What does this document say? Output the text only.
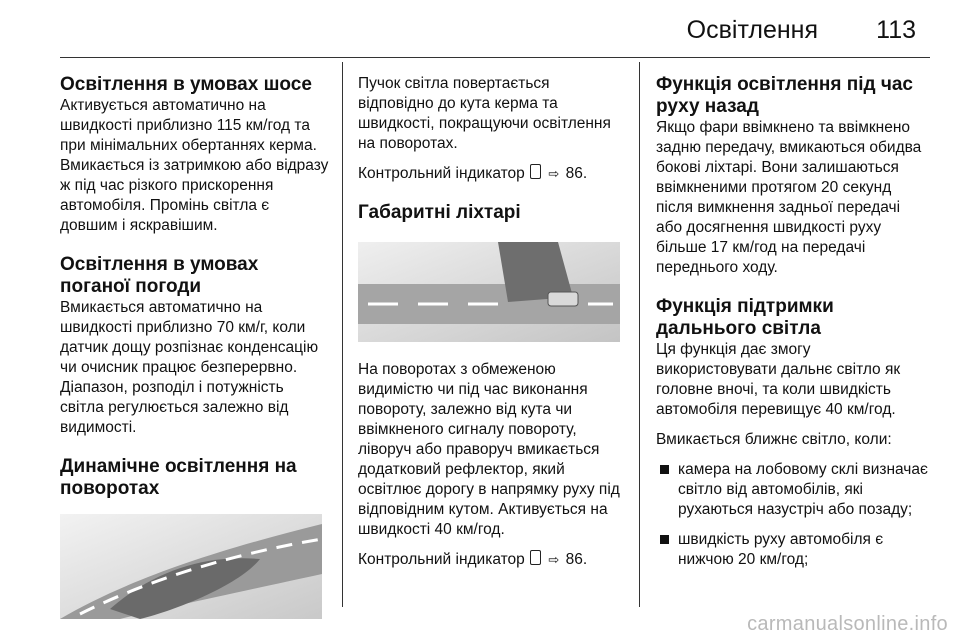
Освітлення 113
Освітлення в умовах шосе

Активується автоматично на швидкості приблизно 115 км/год та при мінімальних обертаннях керма. Вмикається із затримкою або відразу ж під час різкого прискорення автомобіля. Промінь світла є довшим і яскравішим.

Освітлення в умовах поганої погоди

Вмикається автоматично на швидкості приблизно 70 км/г, коли датчик дощу розпізнає конденсацію чи очисник працює безперервно. Діапазон, розподіл і потужність світла регулюється залежно від видимості.

Динамічне освітлення на поворотах

Пучок світла повертається відповідно до кута керма та швидкості, покращуючи освітлення на поворотах.

Контрольний індикатор ⇨ 86.

Габаритні ліхтарі

На поворотах з обмеженою видимістю чи під час виконання повороту, залежно від кута чи ввімкненого сигналу повороту, ліворуч або праворуч вмикається додатковий рефлектор, який освітлює дорогу в напрямку руху під відповідним кутом. Активується на швидкості 40 км/год.

Контрольний індикатор ⇨ 86.

Функція освітлення під час руху назад

Якщо фари ввімкнено та ввімкнено задню передачу, вмикаються обидва бокові ліхтарі. Вони залишаються ввімкненими протягом 20 секунд після вимкнення задньої передачі або досягнення швидкості руху більше 17 км/год на передачі переднього ходу.

Функція підтримки дальнього світла

Ця функція дає змогу використовувати дальнє світло як головне вночі, та коли швидкість автомобіля перевищує 40 км/год.

Вмикається ближнє світло, коли:

камера на лобовому склі визначає світло від автомобілів, які рухаються назустріч або позаду;
швидкість руху автомобіля є нижчою 20 км/год;
carmanualsonline.info
